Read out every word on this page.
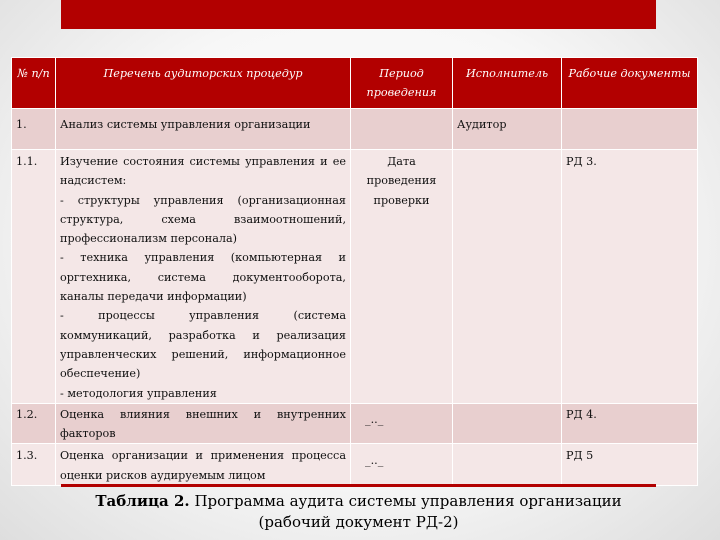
№ п/п	Перечень аудиторских процедур	Период проведения	Исполнитель	Рабочие документы
1.	Анализ системы управления организации		Аудитор	
1.1.	Изучение состояния системы управления и ее надсистем:
- структуры управления (организационная структура, схема взаимоотношений, профессионализм персонала)
- техника управления (компьютерная и оргтехника, система документооборота, каналы передачи информации)
- процессы управления (система коммуникаций, разработка и реализация управленческих решений, информационное обеспечение)
- методология управления	Дата проведения проверки		РД 3.
1.2.	Оценка влияния внешних и внутренних факторов	_.._		РД 4.
1.3.	Оценка организации и применения процесса оценки рисков аудируемым лицом	_.._		РД 5
Таблица 2. Программа аудита системы управления организации
(рабочий документ РД-2)
